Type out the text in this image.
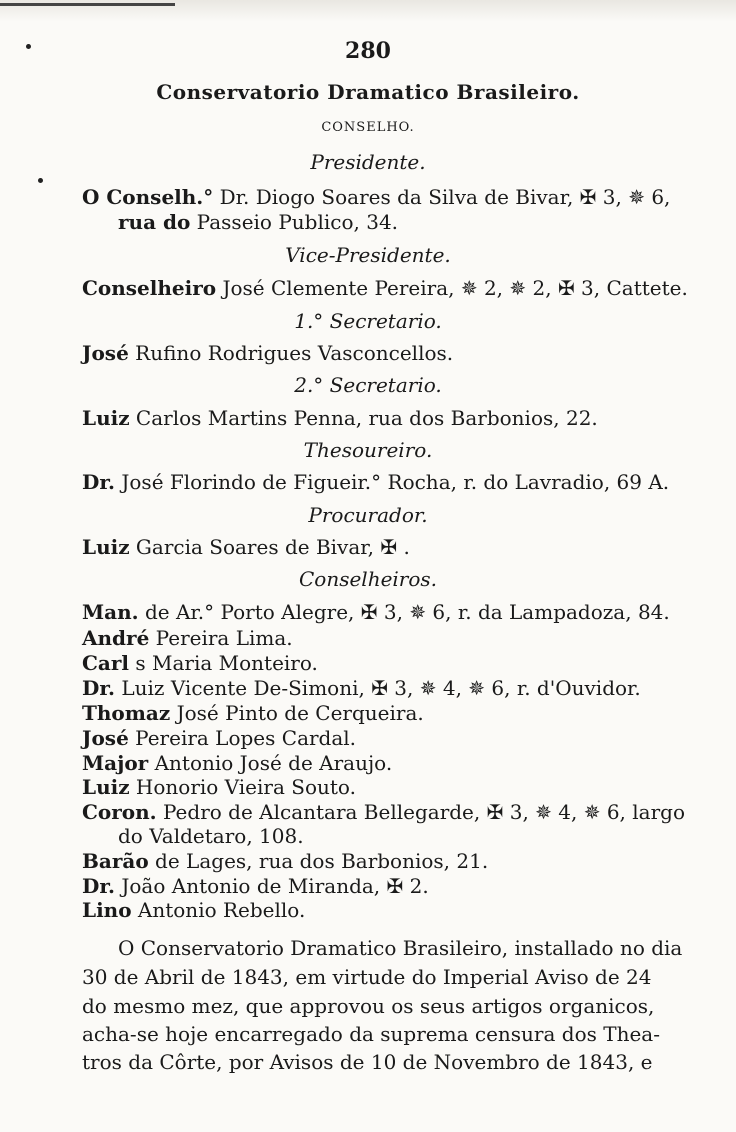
280
Conservatorio Dramatico Brasileiro.
CONSELHO.
Presidente.
O Conselh.° Dr. Diogo Soares da Silva de Bivar, ✠ 3, ✵ 6,
rua do Passeio Publico, 34.
Vice-Presidente.
Conselheiro José Clemente Pereira, ✵ 2, ✵ 2, ✠ 3, Cattete.
1.° Secretario.
José Rufino Rodrigues Vasconcellos.
2.° Secretario.
Luiz Carlos Martins Penna, rua dos Barbonios, 22.
Thesoureiro.
Dr. José Florindo de Figueir.° Rocha, r. do Lavradio, 69 A.
Procurador.
Luiz Garcia Soares de Bivar, ✠ .
Conselheiros.
Man. de Ar.° Porto Alegre, ✠ 3, ✵ 6, r. da Lampadoza, 84.
André Pereira Lima.
Carl s Maria Monteiro.
Dr. Luiz Vicente De-Simoni, ✠ 3, ✵ 4, ✵ 6, r. d'Ouvidor.
Thomaz José Pinto de Cerqueira.
José Pereira Lopes Cardal.
Major Antonio José de Araujo.
Luiz Honorio Vieira Souto.
Coron. Pedro de Alcantara Bellegarde, ✠ 3, ✵ 4, ✵ 6, largo
do Valdetaro, 108.
Barão de Lages, rua dos Barbonios, 21.
Dr. João Antonio de Miranda, ✠ 2.
Lino Antonio Rebello.
O Conservatorio Dramatico Brasileiro, installado no dia
30 de Abril de 1843, em virtude do Imperial Aviso de 24
do mesmo mez, que approvou os seus artigos organicos,
acha-se hoje encarregado da suprema censura dos Thea-
tros da Côrte, por Avisos de 10 de Novembro de 1843, e
